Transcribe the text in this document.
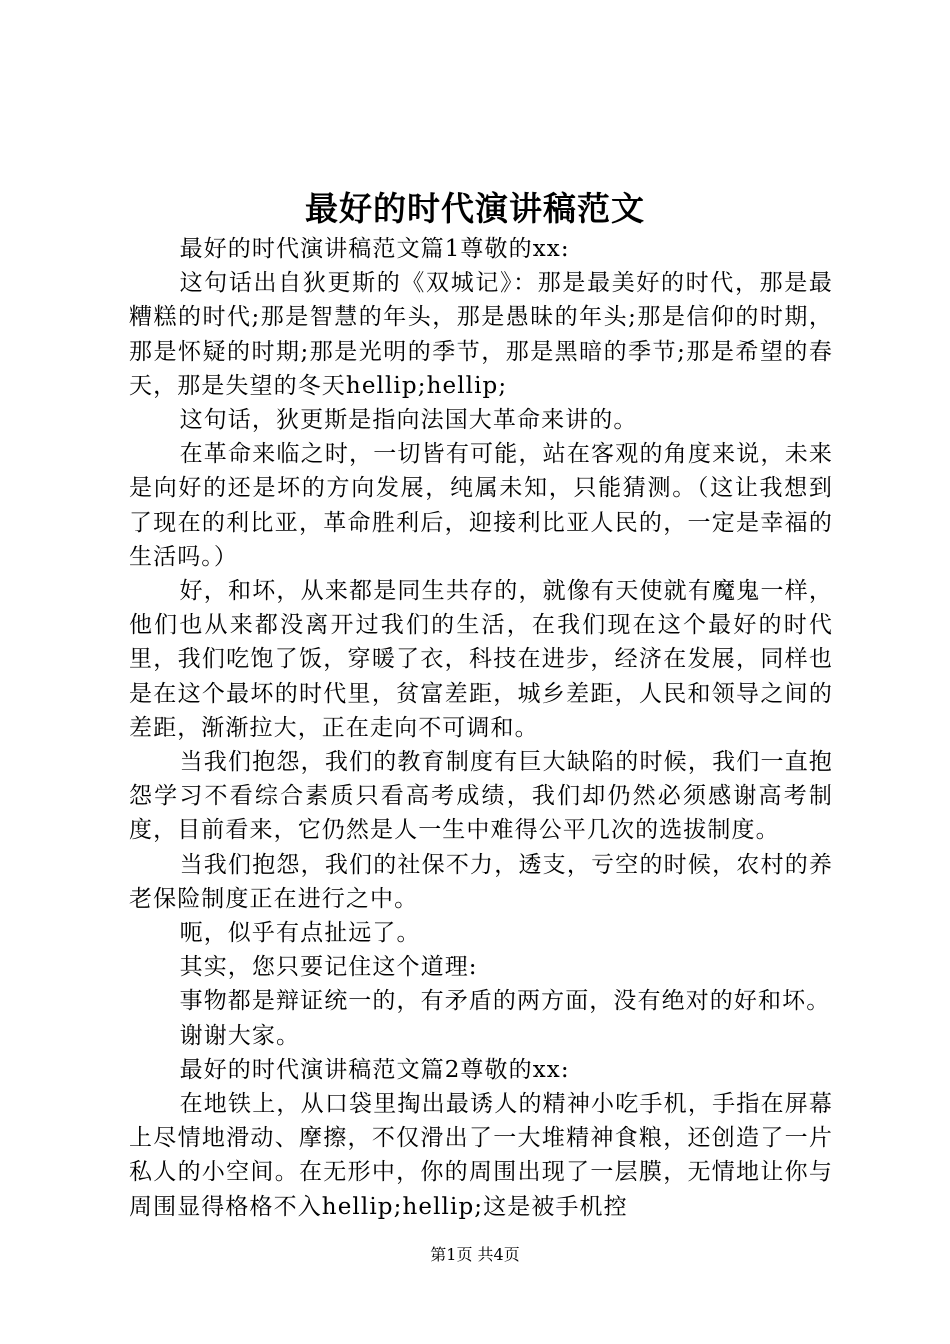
最好的时代演讲稿范文

最好的时代演讲稿范文篇1尊敬的xx:

这句话出自狄更斯的《双城记》：那是最美好的时代，那是最糟糕的时代;那是智慧的年头，那是愚昧的年头;那是信仰的时期，那是怀疑的时期;那是光明的季节，那是黑暗的季节;那是希望的春天，那是失望的冬天hellip;hellip;

这句话，狄更斯是指向法国大革命来讲的。

在革命来临之时，一切皆有可能，站在客观的角度来说，未来是向好的还是坏的方向发展，纯属未知，只能猜测。（这让我想到了现在的利比亚，革命胜利后，迎接利比亚人民的，一定是幸福的生活吗。）

好，和坏，从来都是同生共存的，就像有天使就有魔鬼一样，他们也从来都没离开过我们的生活，在我们现在这个最好的时代里，我们吃饱了饭，穿暖了衣，科技在进步，经济在发展，同样也是在这个最坏的时代里，贫富差距，城乡差距，人民和领导之间的差距，渐渐拉大，正在走向不可调和。

当我们抱怨，我们的教育制度有巨大缺陷的时候，我们一直抱怨学习不看综合素质只看高考成绩，我们却仍然必须感谢高考制度，目前看来，它仍然是人一生中难得公平几次的选拔制度。

当我们抱怨，我们的社保不力，透支，亏空的时候，农村的养老保险制度正在进行之中。

呃，似乎有点扯远了。

其实，您只要记住这个道理:

事物都是辩证统一的，有矛盾的两方面，没有绝对的好和坏。

谢谢大家。

最好的时代演讲稿范文篇2尊敬的xx:

在地铁上，从口袋里掏出最诱人的精神小吃手机，手指在屏幕上尽情地滑动、摩擦，不仅滑出了一大堆精神食粮，还创造了一片私人的小空间。在无形中，你的周围出现了一层膜，无情地让你与周围显得格格不入hellip;hellip;这是被手机控

第1页 共4页
